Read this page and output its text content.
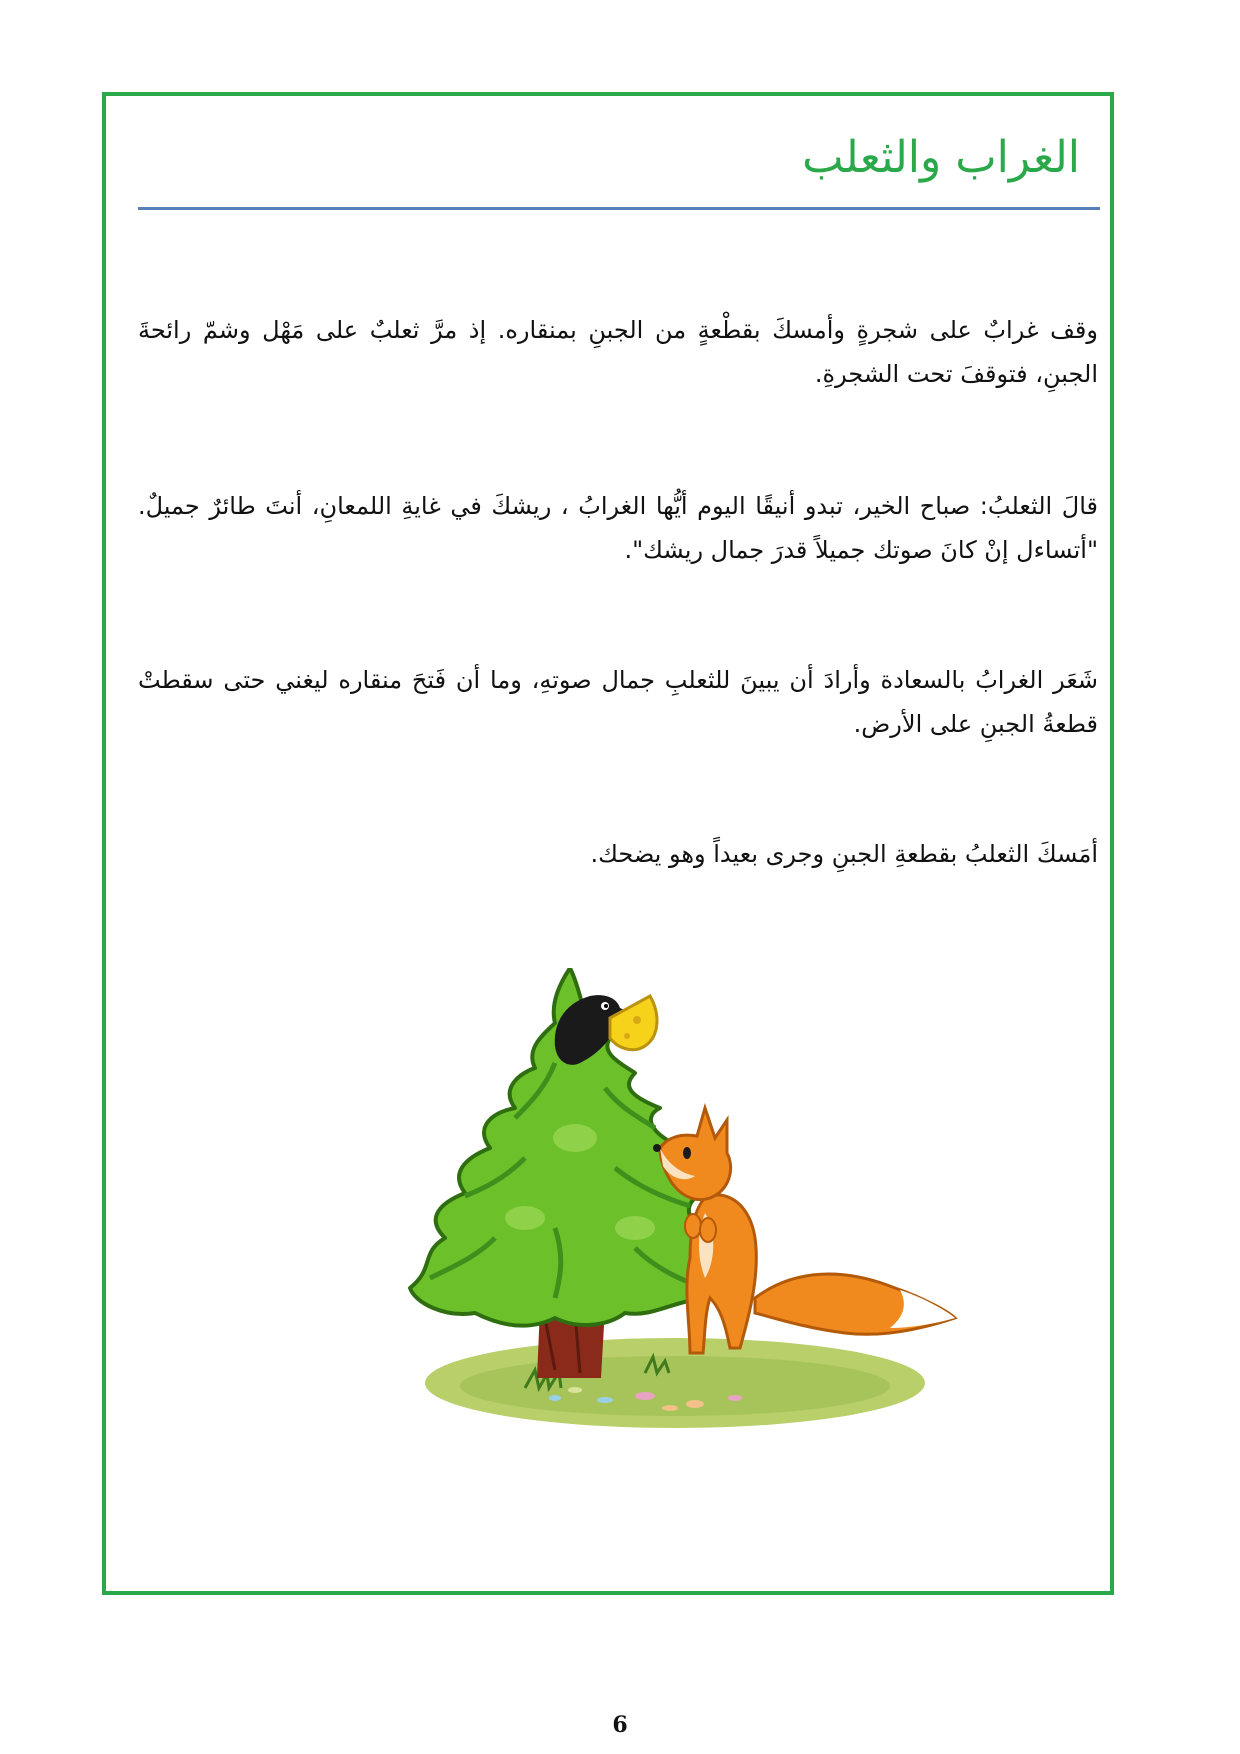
الغراب والثعلب

وقف غرابٌ على شجرةٍ وأمسكَ بقطْعةٍ من الجبنِ بمنقاره. إذ مرَّ ثعلبٌ على مَهْل وشمّ رائحةَ الجبنِ، فتوقفَ تحت الشجرةِ.

قالَ الثعلبُ: صباح الخير، تبدو أنيقًا اليوم أيُّها الغرابُ ، ريشكَ في غايةِ اللمعانِ، أنتَ طائرٌ جميلٌ. "أتساءل إنْ كانَ صوتك جميلاً قدرَ جمال ريشك".

شَعَر الغرابُ بالسعادة وأرادَ أن يبينَ للثعلبِ جمال صوتهِ، وما أن فَتحَ منقاره ليغني حتى سقطتْ قطعةُ الجبنِ على الأرض.

أمَسكَ الثعلبُ بقطعةِ الجبنِ وجرى بعيداً وهو يضحك.

6
